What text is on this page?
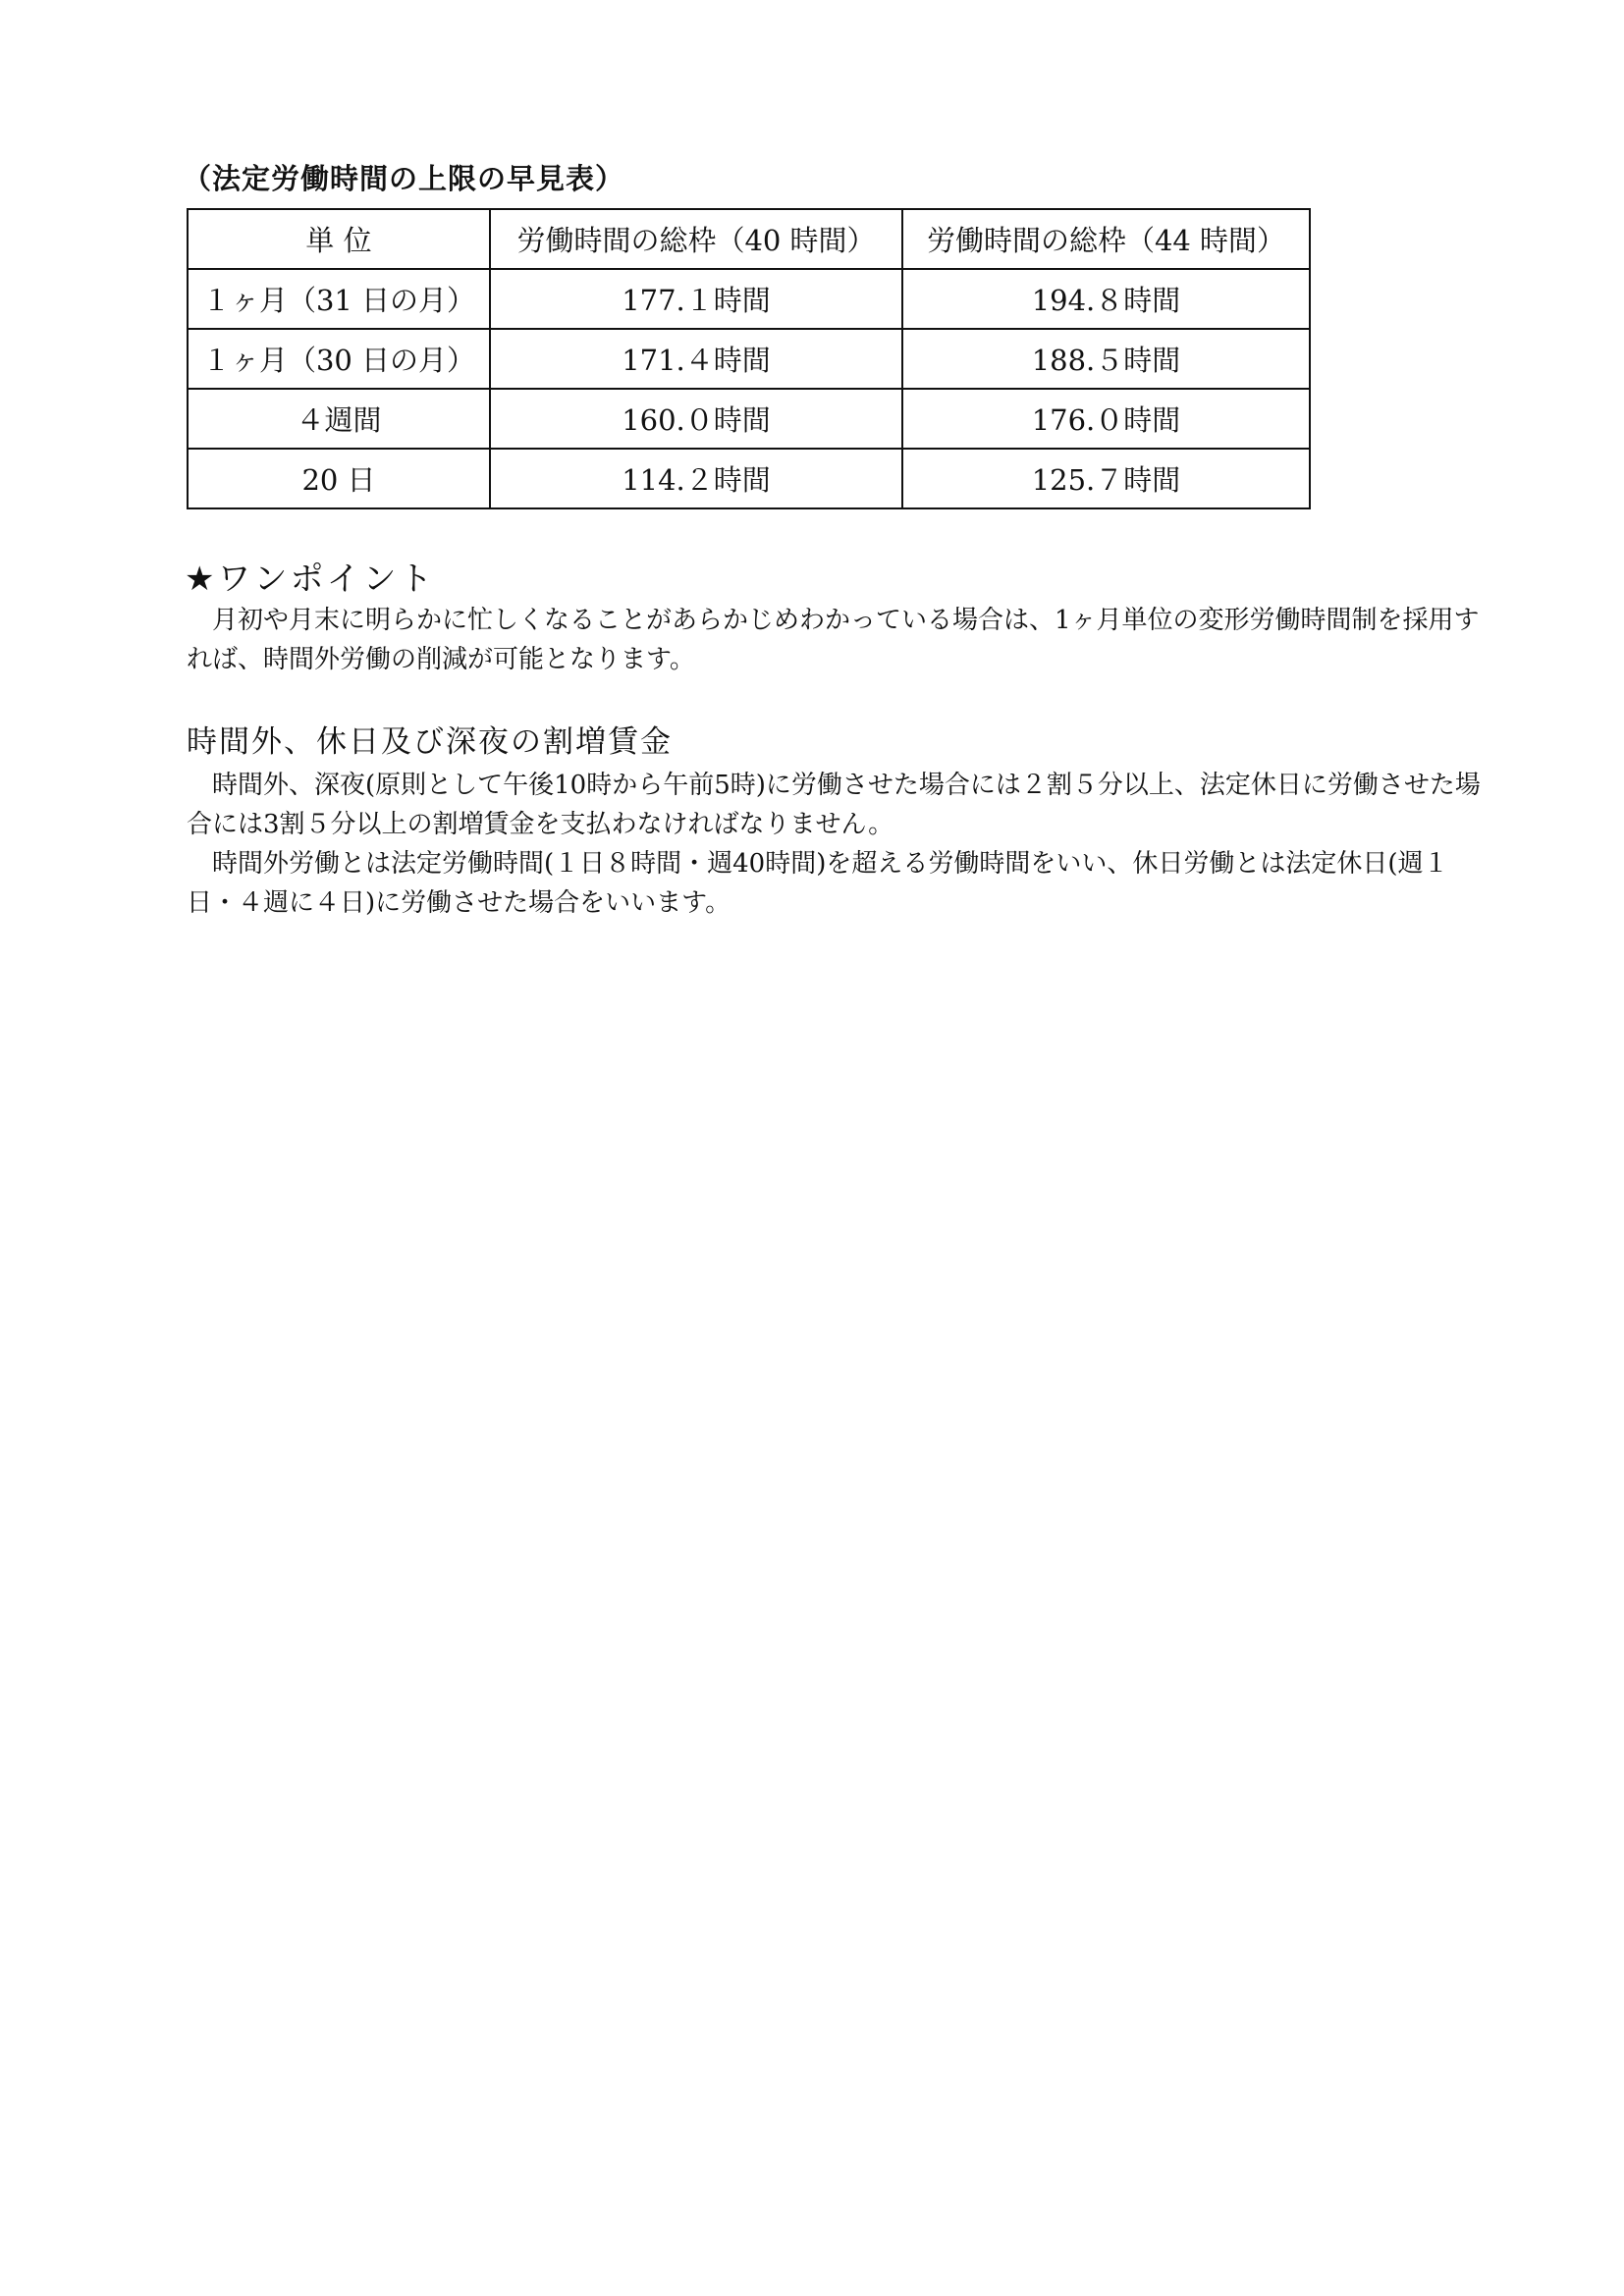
（法定労働時間の上限の早見表）
単 位	労働時間の総枠（40 時間）	労働時間の総枠（44 時間）
１ヶ月（31 日の月）	177.１時間	194.８時間
１ヶ月（30 日の月）	171.４時間	188.５時間
４週間	160.０時間	176.０時間
20 日	114.２時間	125.７時間
★ワンポイント

月初や月末に明らかに忙しくなることがあらかじめわかっている場合は、1ヶ月単位の変形労働時間制を採用すれば、時間外労働の削減が可能となります。

時間外、休日及び深夜の割増賃金

時間外、深夜(原則として午後10時から午前5時)に労働させた場合には２割５分以上、法定休日に労働させた場合には3割５分以上の割増賃金を支払わなければなりません。

時間外労働とは法定労働時間(１日８時間・週40時間)を超える労働時間をいい、休日労働とは法定休日(週１日・４週に４日)に労働させた場合をいいます。
